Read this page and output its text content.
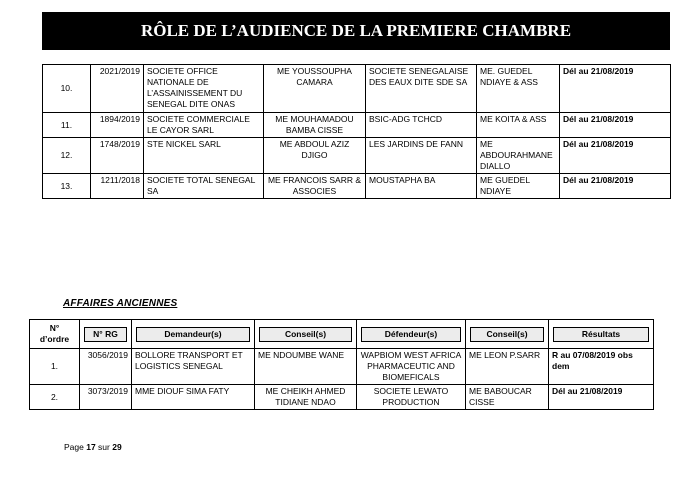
RÔLE DE L’AUDIENCE DE LA PREMIERE CHAMBRE
10.	2021/2019	SOCIETE OFFICE NATIONALE DE L’ASSAINISSEMENT DU SENEGAL DITE ONAS	ME YOUSSOUPHA CAMARA	SOCIETE SENEGALAISE DES EAUX DITE SDE SA	ME. GUEDEL NDIAYE & ASS	Dél au 21/08/2019
11.	1894/2019	SOCIETE COMMERCIALE LE CAYOR SARL	ME MOUHAMADOU BAMBA CISSE	BSIC-ADG TCHCD	ME KOITA & ASS	Dél au 21/08/2019
12.	1748/2019	STE NICKEL SARL	ME ABDOUL AZIZ DJIGO	LES JARDINS DE FANN	ME ABDOURAHMANE DIALLO	Dél au 21/08/2019
13.	1211/2018	SOCIETE TOTAL SENEGAL SA	ME FRANCOIS SARR & ASSOCIES	MOUSTAPHA BA	ME GUEDEL NDIAYE	Dél au 21/08/2019
AFFAIRES ANCIENNES
N° d’ordre	N° RG	Demandeur(s)	Conseil(s)	Défendeur(s)	Conseil(s)	Résultats

1.	3056/2019	BOLLORE TRANSPORT ET LOGISTICS SENEGAL	ME NDOUMBE WANE	WAPBIOM WEST AFRICA PHARMACEUTIC AND BIOMEFICALS	ME LEON P.SARR	R au 07/08/2019 obs dem
2.	3073/2019	MME DIOUF SIMA FATY	ME CHEIKH AHMED TIDIANE NDAO	SOCIETE LEWATO PRODUCTION	ME BABOUCAR CISSE	Dél au 21/08/2019
Page 17 sur 29
